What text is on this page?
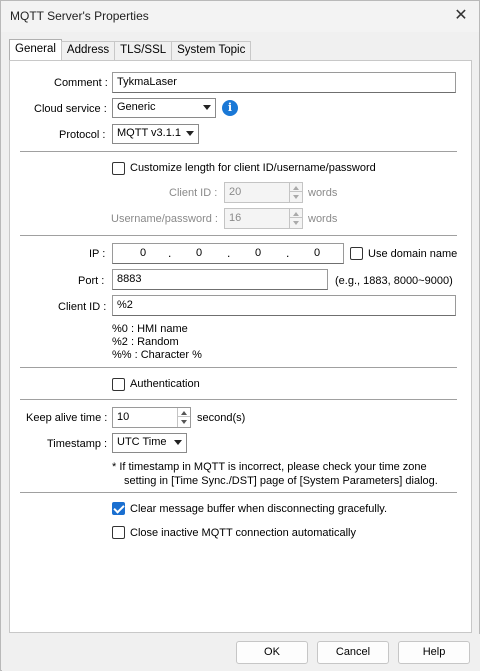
MQTT Server's Properties	✕
General Address TLS/SSL System Topic
Comment : TykmaLaser
Cloud service : Generic	i
Protocol :	MQTT v3.1.1
Customize length for client ID/username/password
Client ID :	20	words
Username/password :	16	words
IP :	0	.	0	.	0	.	0	Use domain name
Port :	8883	(e.g., 1883, 8000~9000)
Client ID : %2
%0 : HMI name
%2 : Random
%% : Character %
Authentication
Keep alive time : 10	second(s)
Timestamp : UTC Time
* If timestamp in MQTT is incorrect, please check your time zone
setting in [Time Sync./DST] page of [System Parameters] dialog.
Clear message buffer when disconnecting gracefully.
Close inactive MQTT connection automatically
OK	Cancel	Help
